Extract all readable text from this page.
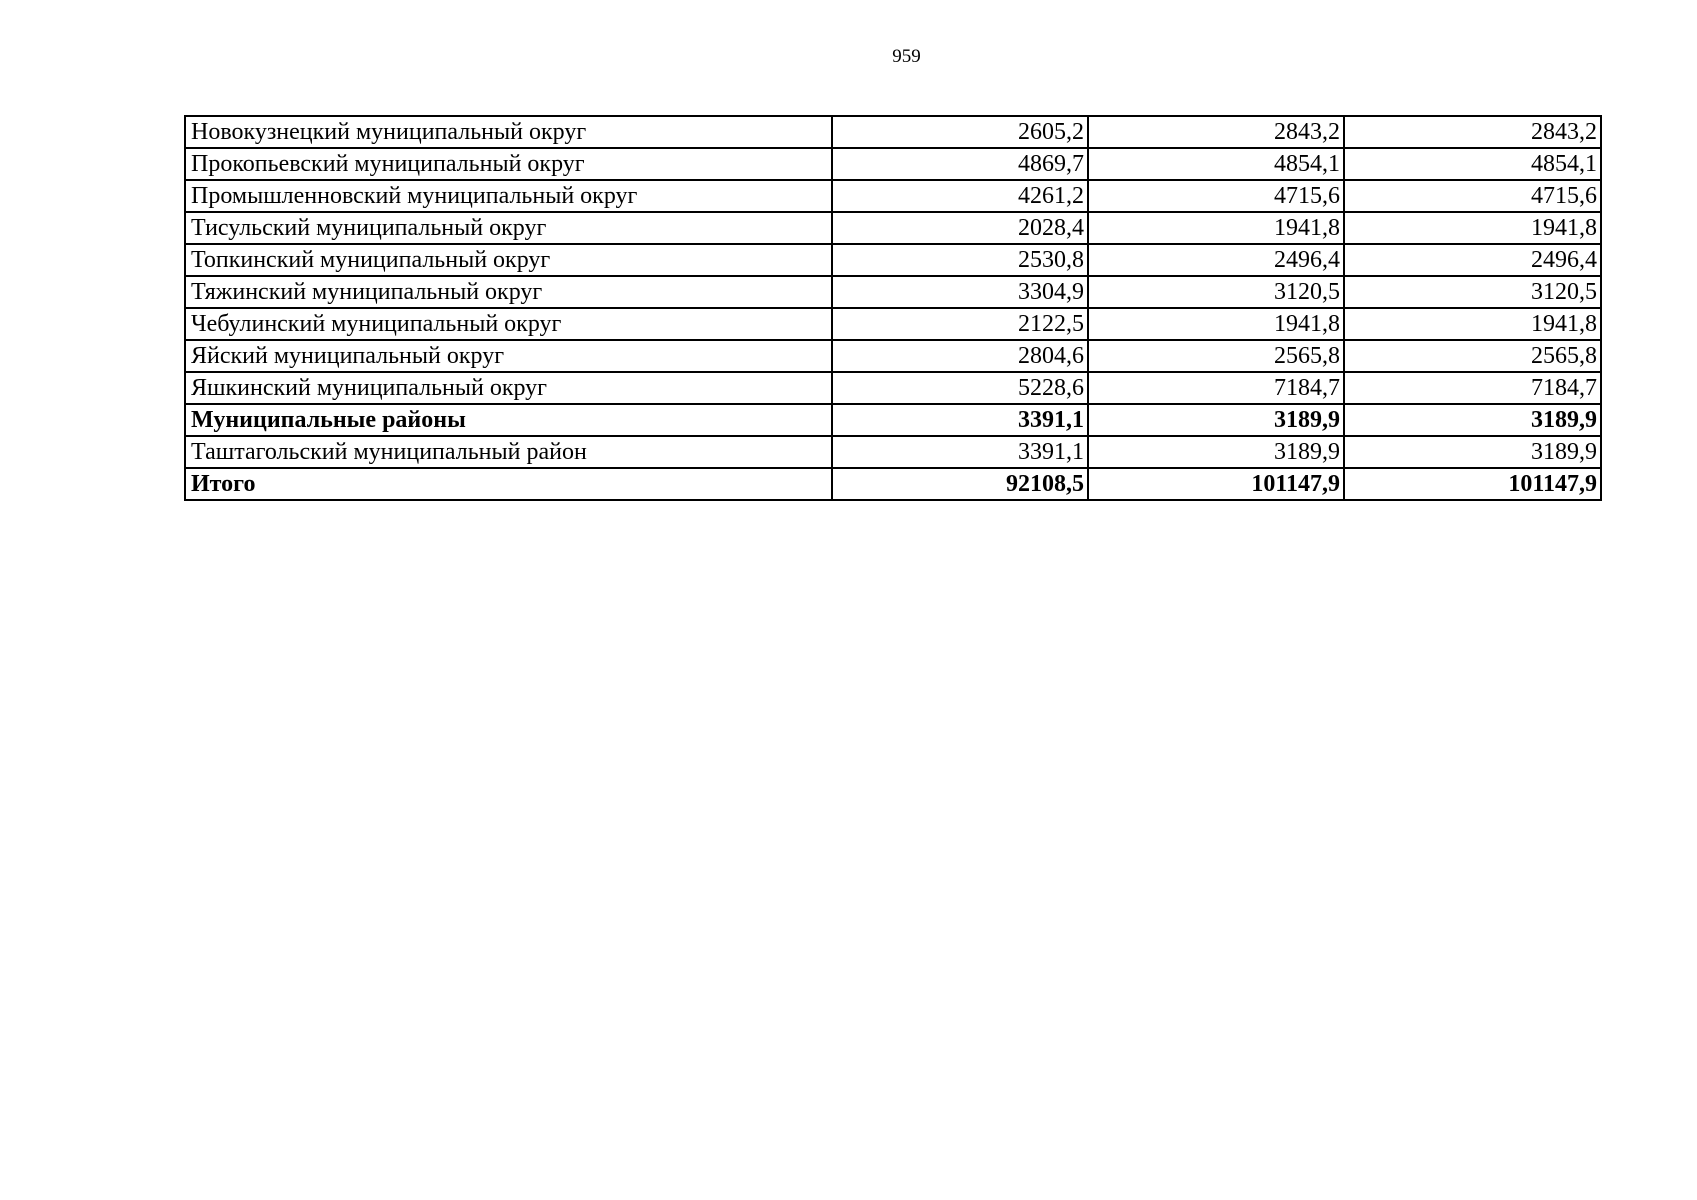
959
Новокузнецкий муниципальный округ	2605,2	2843,2	2843,2
Прокопьевский муниципальный округ	4869,7	4854,1	4854,1
Промышленновский муниципальный округ	4261,2	4715,6	4715,6
Тисульский муниципальный округ	2028,4	1941,8	1941,8
Топкинский муниципальный округ	2530,8	2496,4	2496,4
Тяжинский муниципальный округ	3304,9	3120,5	3120,5
Чебулинский муниципальный округ	2122,5	1941,8	1941,8
Яйский муниципальный округ	2804,6	2565,8	2565,8
Яшкинский муниципальный округ	5228,6	7184,7	7184,7
Муниципальные районы	3391,1	3189,9	3189,9
Таштагольский муниципальный район	3391,1	3189,9	3189,9
Итого	92108,5	101147,9	101147,9
